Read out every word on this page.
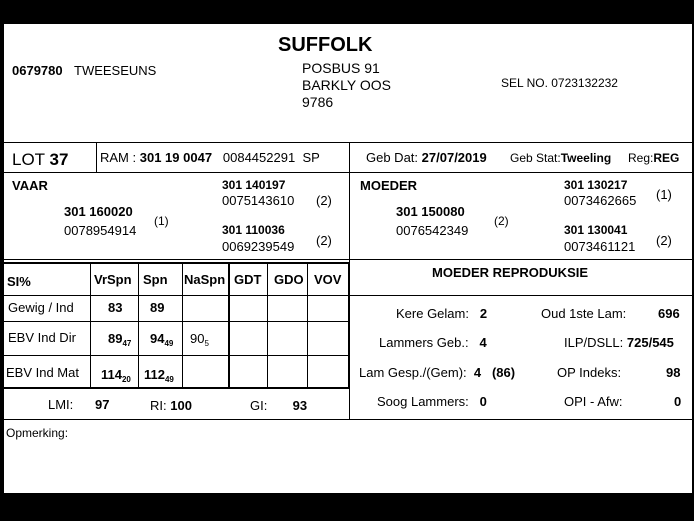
SUFFOLK
0679780 TWEESEUNS	POSBUS 91
BARKLY OOS
9786
SEL NO. 0723132232
LOT 37 RAM : 301 19 0047 0084452291 SP	Geb Dat: 27/07/2019 Geb Stat:Tweeling Reg:REG
VAAR	301 140197
0075143610 (2)
301 160020
0078954914
(1)
301 110036
0069239549 (2)
MOEDER	301 130217
0073462665 (1)
301 150080
0076542349
(2)
301 130041
0073461121 (2)
SI%	VrSpn Spn NaSpn GDT GDO VOV
Gewig / Ind	83 89
EBV Ind Dir $89_{47}$ $94_{49}$ $90_5$
EBV Ind Mat $114_{20}$ $112_{49}$
LMI: 97	RI: 100	GI: 93
MOEDER REPRODUKSIE
Kere Gelam: 2	Oud 1ste Lam: 696
Lammers Geb.: 4	ILP/DSLL: 725/545
Lam Gesp./(Gem): 4 (86)	OP Indeks:	98
Soog Lammers: 0	OPI - Afw:	0
Opmerking:
